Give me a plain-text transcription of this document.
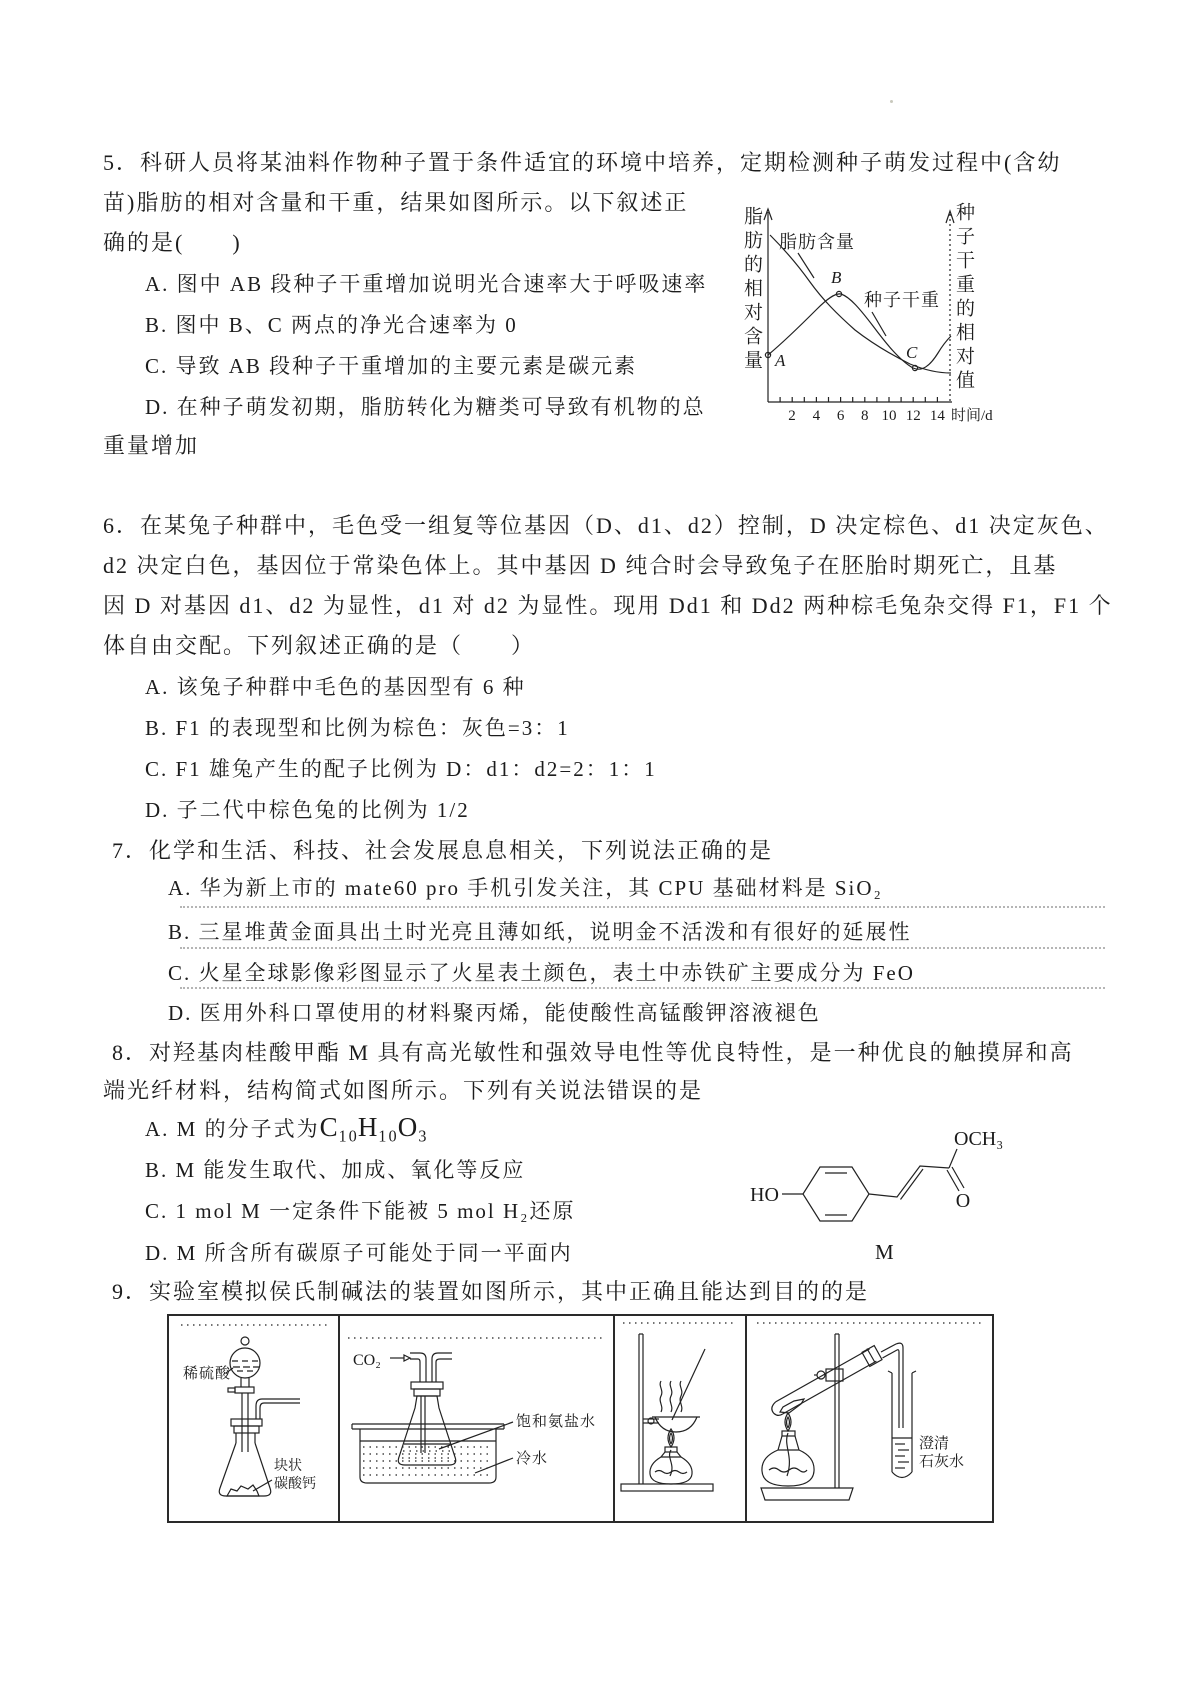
5．科研人员将某油料作物种子置于条件适宜的环境中培养，定期检测种子萌发过程中(含幼
苗)脂肪的相对含量和干重，结果如图所示。以下叙述正
确的是(　　)
A. 图中 AB 段种子干重增加说明光合速率大于呼吸速率
B. 图中 B、C 两点的净光合速率为 0
C. 导致 AB 段种子干重增加的主要元素是碳元素
D. 在种子萌发初期，脂肪转化为糖类可导致有机物的总
重量增加
脂肪的相对含量	种子干重的相对值
2 4 6 8 10 12 14 时间/d
A
B
C
脂肪含量
种子干重
6．在某兔子种群中，毛色受一组复等位基因（D、d1、d2）控制，D 决定棕色、d1 决定灰色、
d2 决定白色，基因位于常染色体上。其中基因 D 纯合时会导致兔子在胚胎时期死亡，且基
因 D 对基因 d1、d2 为显性，d1 对 d2 为显性。现用 Dd1 和 Dd2 两种棕毛兔杂交得 F1，F1 个
体自由交配。下列叙述正确的是（　　）
A. 该兔子种群中毛色的基因型有 6 种
B. F1 的表现型和比例为棕色：灰色=3：1
C. F1 雄兔产生的配子比例为 D：d1：d2=2：1：1
D. 子二代中棕色兔的比例为 1/2
7．化学和生活、科技、社会发展息息相关，下列说法正确的是
A. 华为新上市的 mate60 pro 手机引发关注，其 CPU 基础材料是 SiO₂
B. 三星堆黄金面具出土时光亮且薄如纸，说明金不活泼和有很好的延展性
C. 火星全球影像彩图显示了火星表土颜色，表土中赤铁矿主要成分为 FeO
D. 医用外科口罩使用的材料聚丙烯，能使酸性高锰酸钾溶液褪色
8．对羟基肉桂酸甲酯 M 具有高光敏性和强效导电性等优良特性，是一种优良的触摸屏和高
端光纤材料，结构简式如图所示。下列有关说法错误的是
A. M 的分子式为C₁₀H₁₀O₃
B. M 能发生取代、加成、氧化等反应
C. 1 mol M 一定条件下能被 5 mol H₂还原
D. M 所含所有碳原子可能处于同一平面内
HO	O
OCH₃
M
9．实验室模拟侯氏制碱法的装置如图所示，其中正确且能达到目的的是
稀硫酸
块状
碳酸钙
CO₂
饱和氨盐水
冷水
澄清
石灰水
